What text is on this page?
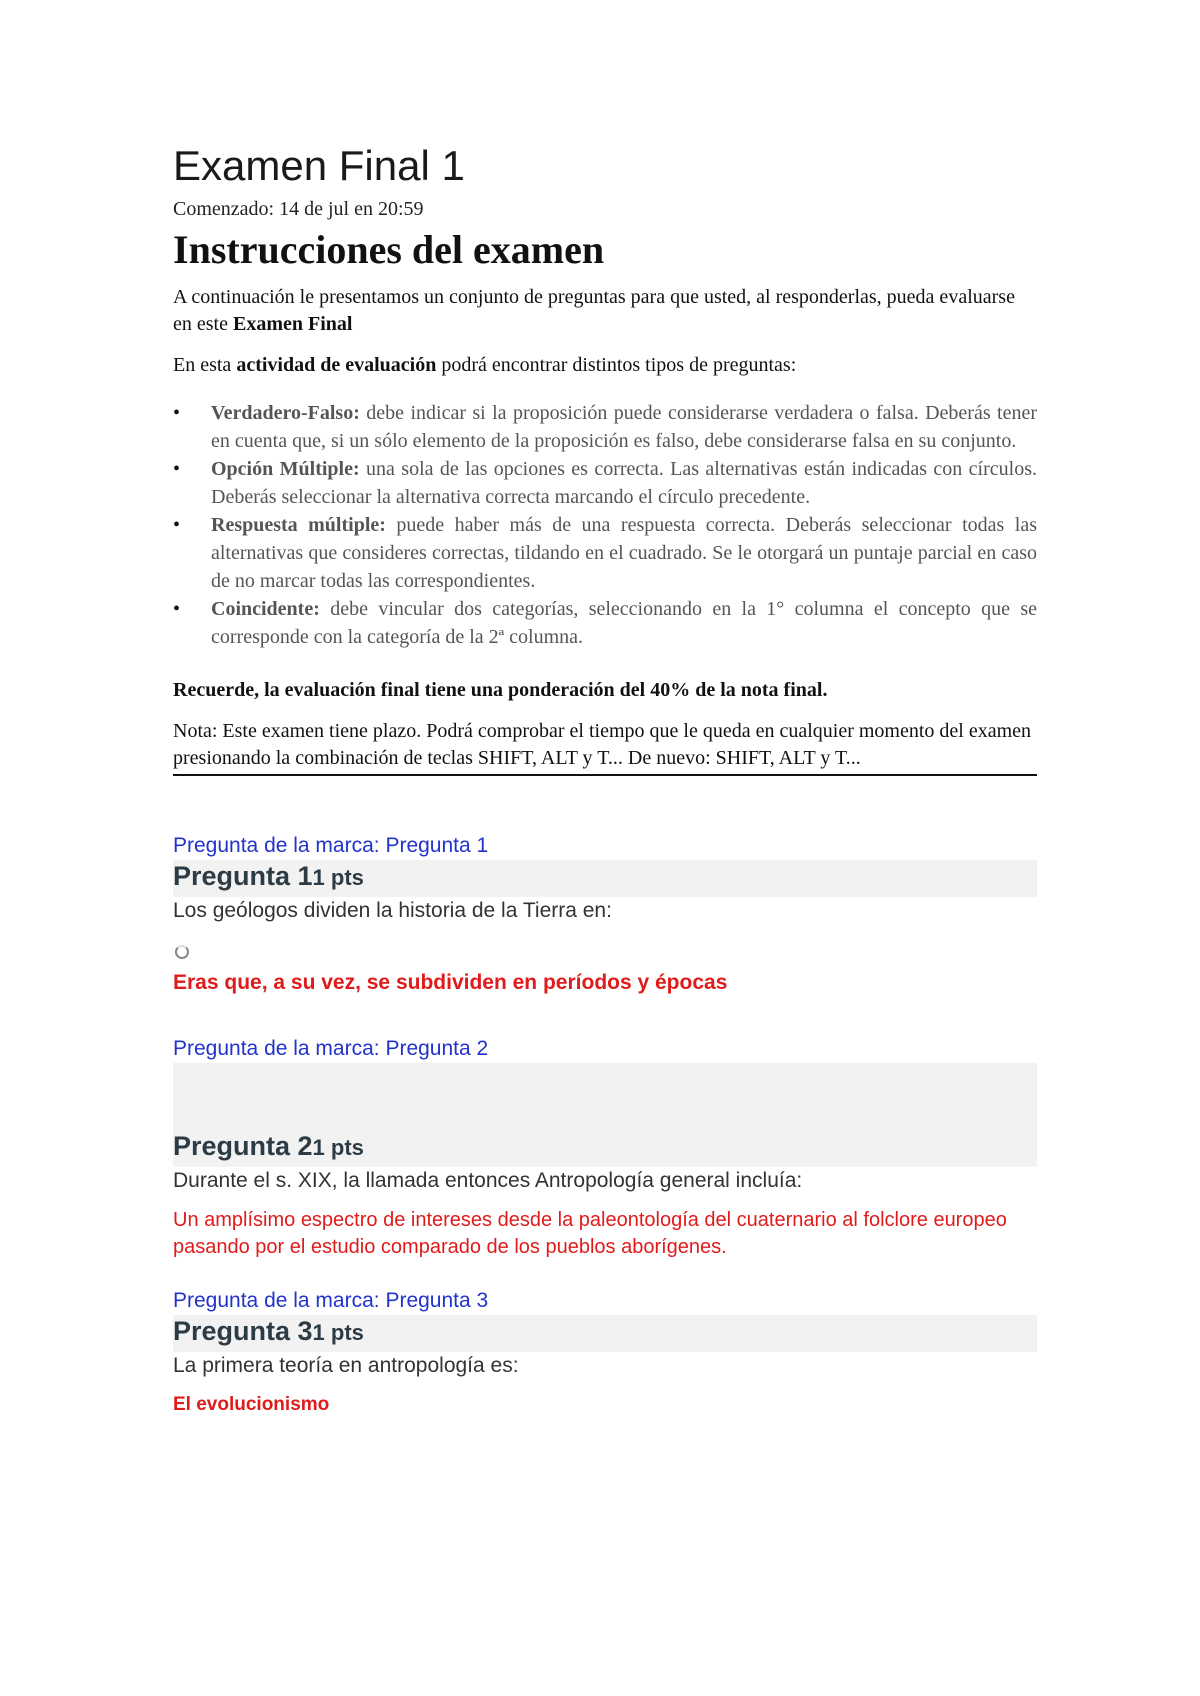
Examen Final 1

Comenzado: 14 de jul en 20:59

Instrucciones del examen

A continuación le presentamos un conjunto de preguntas para que usted, al responderlas, pueda evaluarse en este Examen Final

En esta actividad de evaluación podrá encontrar distintos tipos de preguntas:

• Verdadero-Falso: debe indicar si la proposición puede considerarse verdadera o falsa. Deberás tener en cuenta que, si un sólo elemento de la proposición es falso, debe considerarse falsa en su conjunto.
• Opción Múltiple: una sola de las opciones es correcta. Las alternativas están indicadas con círculos. Deberás seleccionar la alternativa correcta marcando el círculo precedente.
• Respuesta múltiple: puede haber más de una respuesta correcta. Deberás seleccionar todas las alternativas que consideres correctas, tildando en el cuadrado. Se le otorgará un puntaje parcial en caso de no marcar todas las correspondientes.
• Coincidente: debe vincular dos categorías, seleccionando en la 1° columna el concepto que se corresponde con la categoría de la 2ª columna.

Recuerde, la evaluación final tiene una ponderación del 40% de la nota final.

Nota: Este examen tiene plazo. Podrá comprobar el tiempo que le queda en cualquier momento del examen presionando la combinación de teclas SHIFT, ALT y T... De nuevo: SHIFT, ALT y T...

Pregunta de la marca: Pregunta 1

Pregunta 11 pts

Los geólogos dividen la historia de la Tierra en:

Eras que, a su vez, se subdividen en períodos y épocas

Pregunta de la marca: Pregunta 2

Pregunta 21 pts

Durante el s. XIX, la llamada entonces Antropología general incluía:

Un amplísimo espectro de intereses desde la paleontología del cuaternario al folclore europeo pasando por el estudio comparado de los pueblos aborígenes.

Pregunta de la marca: Pregunta 3

Pregunta 31 pts

La primera teoría en antropología es:

El evolucionismo
